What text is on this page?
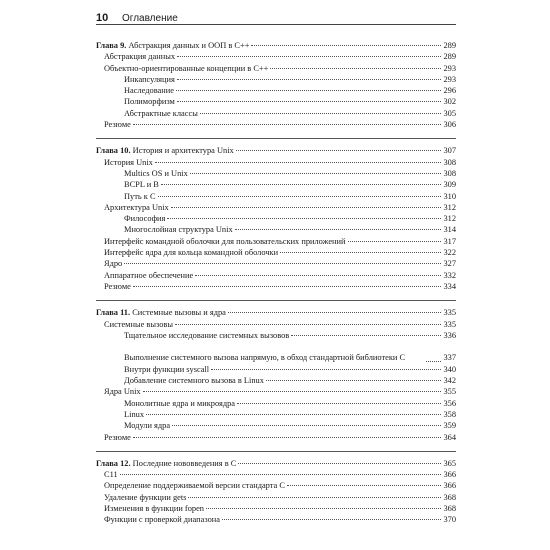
10	Оглавление
Глава 9. Абстракция данных и ООП в C++	289
Абстракция данных	289
Объектно-ориентированные концепции в C++	293
Инкапсуляция	293
Наследование	296
Полиморфизм	302
Абстрактные классы	305
Резюме	306
Глава 10. История и архитектура Unix	307
История Unix	308
Multics OS и Unix	308
BCPL и B	309
Путь к C	310
Архитектура Unix	312
Философия	312
Многослойная структура Unix	314
Интерфейс командной оболочки для пользовательских приложений	317
Интерфейс ядра для кольца командной оболочки	322
Ядро	327
Аппаратное обеспечение	332
Резюме	334
Глава 11. Системные вызовы и ядра	335
Системные вызовы	335
Тщательное исследование системных вызовов	336
Выполнение системного вызова напрямую, в обход стандартной библиотеки C	337
Внутри функции syscall	340
Добавление системного вызова в Linux	342
Ядра Unix	355
Монолитные ядра и микроядра	356
Linux	358
Модули ядра	359
Резюме	364
Глава 12. Последние нововведения в C	365
C11	366
Определение поддерживаемой версии стандарта C	366
Удаление функции gets	368
Изменения в функции fopen	368
Функции с проверкой диапазона	370
